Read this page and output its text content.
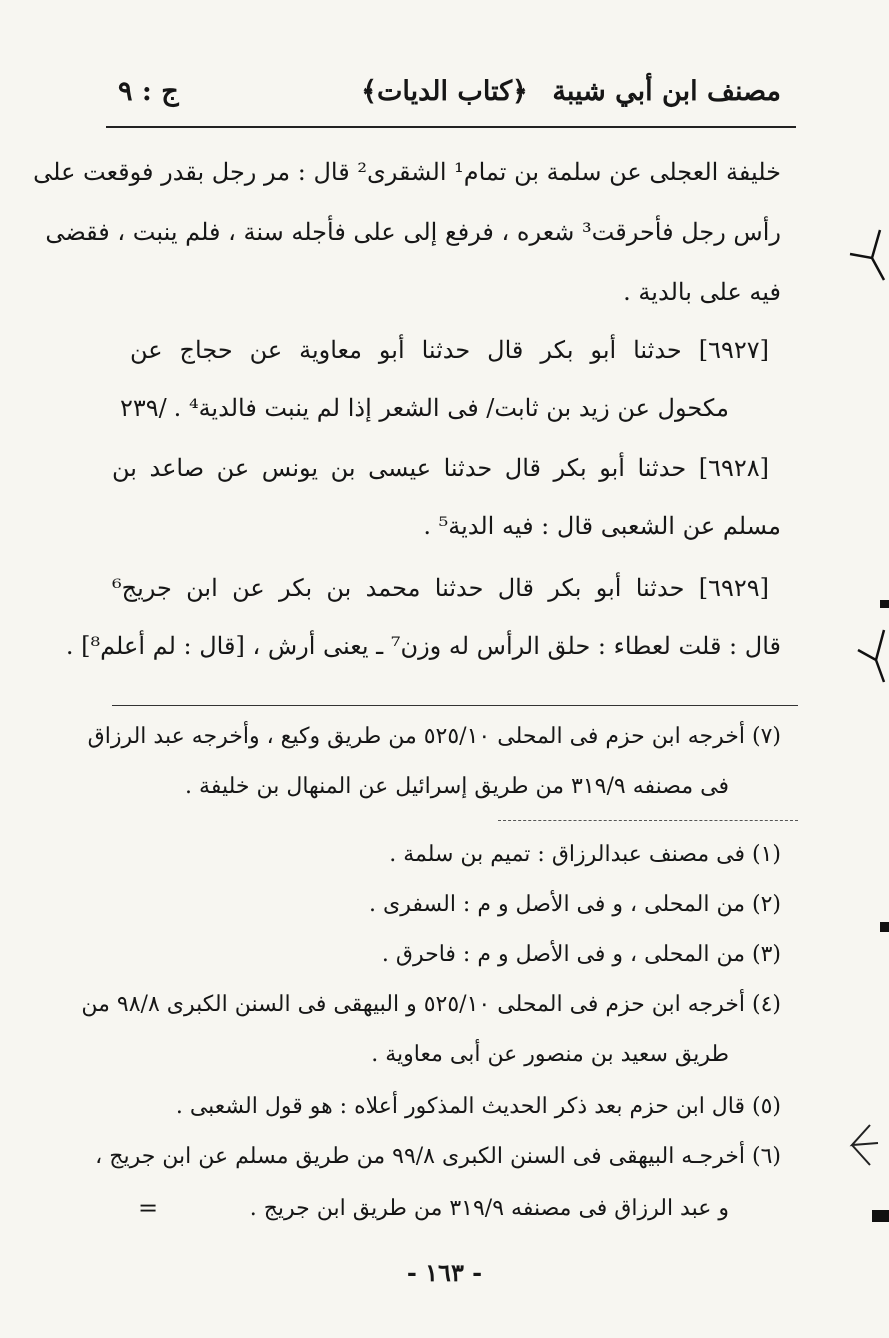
مصنف ابن أبي شيبة
﴿كتاب الديات﴾
ج : ٩
خليفة العجلى عن سلمة بن تمام¹ الشقرى² قال : مر رجل بقدر فوقعت على
رأس رجل فأحرقت³ شعره ، فرفع إلى على فأجله سنة ، فلم ينبت ، فقضى
فيه على بالدية .
[٦٩٢٧] حدثنا أبو بكر قال حدثنا أبو معاوية عن حجاج عن
مكحول عن زيد بن ثابت/ فى الشعر إذا لم ينبت فالدية⁴ .
/٢٣٩
[٦٩٢٨] حدثنا أبو بكر قال حدثنا عيسى بن يونس عن صاعد بن
مسلم عن الشعبى قال : فيه الدية⁵ .
[٦٩٢٩] حدثنا أبو بكر قال حدثنا محمد بن بكر عن ابن جريج⁶
قال : قلت لعطاء : حلق الرأس له وزن⁷ ـ يعنى أرش ، [قال : لم أعلم⁸] .
(٧) أخرجه ابن حزم فى المحلى ٥٢٥/١٠ من طريق وكيع ، وأخرجه عبد الرزاق
فى مصنفه ٣١٩/٩ من طريق إسرائيل عن المنهال بن خليفة .
(١) فى مصنف عبدالرزاق : تميم بن سلمة .
(٢) من المحلى ، و فى الأصل و م : السفرى .
(٣) من المحلى ، و فى الأصل و م : فاحرق .
(٤) أخرجه ابن حزم فى المحلى ٥٢٥/١٠ و البيهقى فى السنن الكبرى ٩٨/٨ من
طريق سعيد بن منصور عن أبى معاوية .
(٥) قال ابن حزم بعد ذكر الحديث المذكور أعلاه : هو قول الشعبى .
(٦) أخرجـه البيهقى فى السنن الكبرى ٩٩/٨ من طريق مسلم عن ابن جريج ،
و عبد الرزاق فى مصنفه ٣١٩/٩ من طريق ابن جريج .
=
- ١٦٣ -
